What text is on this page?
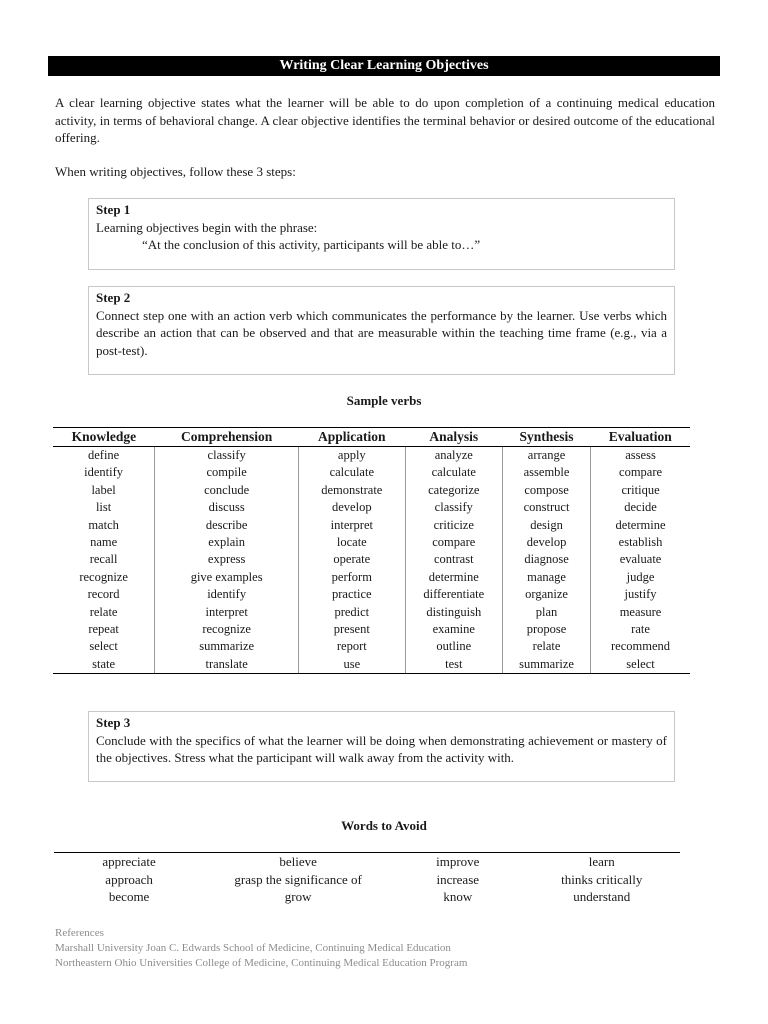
Writing Clear Learning Objectives
A clear learning objective states what the learner will be able to do upon completion of a continuing medical education activity, in terms of behavioral change. A clear objective identifies the terminal behavior or desired outcome of the educational offering.
When writing objectives, follow these 3 steps:
Step 1
Learning objectives begin with the phrase:
“At the conclusion of this activity, participants will be able to…”
Step 2
Connect step one with an action verb which communicates the performance by the learner. Use verbs which describe an action that can be observed and that are measurable within the teaching time frame (e.g., via a post-test).
Sample verbs
Knowledge	Comprehension	Application	Analysis	Synthesis	Evaluation
define	classify	apply	analyze	arrange	assess
identify	compile	calculate	calculate	assemble	compare
label	conclude	demonstrate	categorize	compose	critique
list	discuss	develop	classify	construct	decide
match	describe	interpret	criticize	design	determine
name	explain	locate	compare	develop	establish
recall	express	operate	contrast	diagnose	evaluate
recognize	give examples	perform	determine	manage	judge
record	identify	practice	differentiate	organize	justify
relate	interpret	predict	distinguish	plan	measure
repeat	recognize	present	examine	propose	rate
select	summarize	report	outline	relate	recommend
state	translate	use	test	summarize	select
Step 3
Conclude with the specifics of what the learner will be doing when demonstrating achievement or mastery of the objectives. Stress what the participant will walk away from the activity with.
Words to Avoid
appreciate	believe	improve	learn
approach	grasp the significance of	increase	thinks critically
become	grow	know	understand
References
Marshall University Joan C. Edwards School of Medicine, Continuing Medical Education
Northeastern Ohio Universities College of Medicine, Continuing Medical Education Program
